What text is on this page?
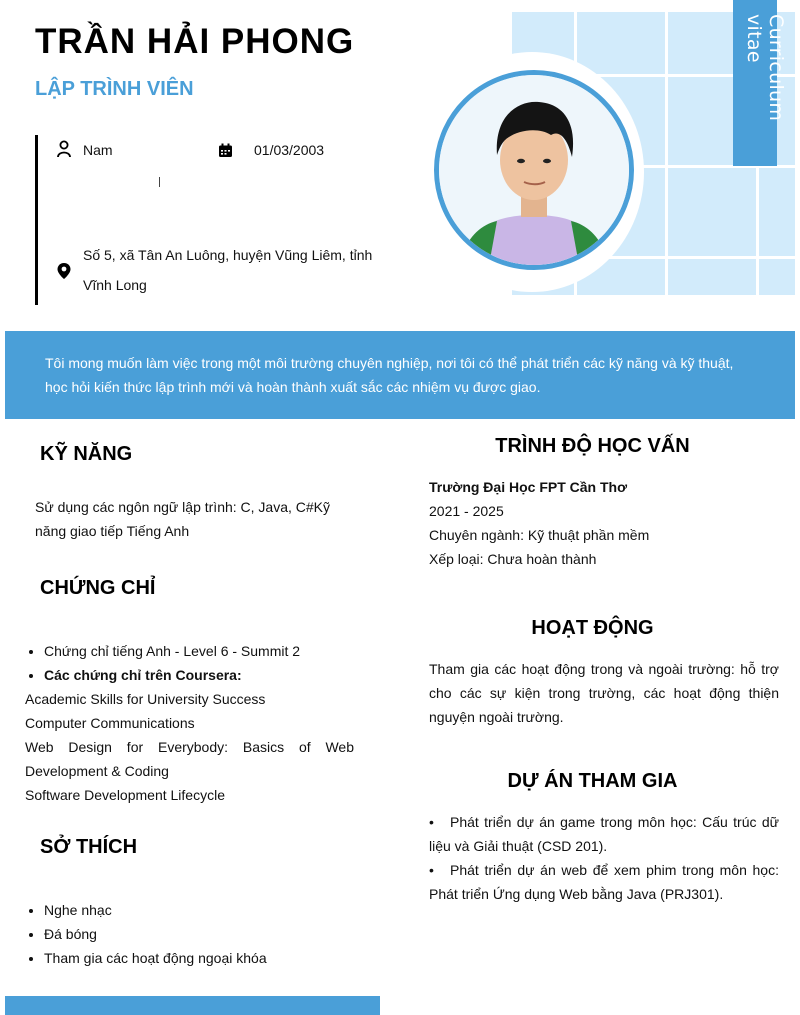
TRẦN HẢI PHONG
LẬP TRÌNH VIÊN
Nam	01/03/2003
Số 5, xã Tân An Luông, huyện Vũng Liêm, tỉnh Vĩnh Long
Curriculum vitae
Tôi mong muốn làm việc trong một môi trường chuyên nghiệp, nơi tôi có thể phát triển các kỹ năng và kỹ thuật, học hỏi kiến thức lập trình mới và hoàn thành xuất sắc các nhiệm vụ được giao.
KỸ NĂNG
Sử dụng các ngôn ngữ lập trình: C, Java, C#Kỹ năng giao tiếp Tiếng Anh
CHỨNG CHỈ
• Chứng chỉ tiếng Anh - Level 6 - Summit 2
• Các chứng chỉ trên Coursera:
Academic Skills for University Success
Computer Communications
Web Design for Everybody: Basics of Web Development & Coding
Software Development Lifecycle
SỞ THÍCH
• Nghe nhạc
• Đá bóng
• Tham gia các hoạt động ngoại khóa
TRÌNH ĐỘ HỌC VẤN
Trường Đại Học FPT Cần Thơ
2021 - 2025
Chuyên ngành: Kỹ thuật phần mềm
Xếp loại: Chưa hoàn thành
HOẠT ĐỘNG
Tham gia các hoạt động trong và ngoài trường: hỗ trợ cho các sự kiện trong trường, các hoạt động thiện nguyện ngoài trường.
DỰ ÁN THAM GIA
• Phát triển dự án game trong môn học: Cấu trúc dữ liệu và Giải thuật (CSD 201).
• Phát triển dự án web để xem phim trong môn học: Phát triển Ứng dụng Web bằng Java (PRJ301).
